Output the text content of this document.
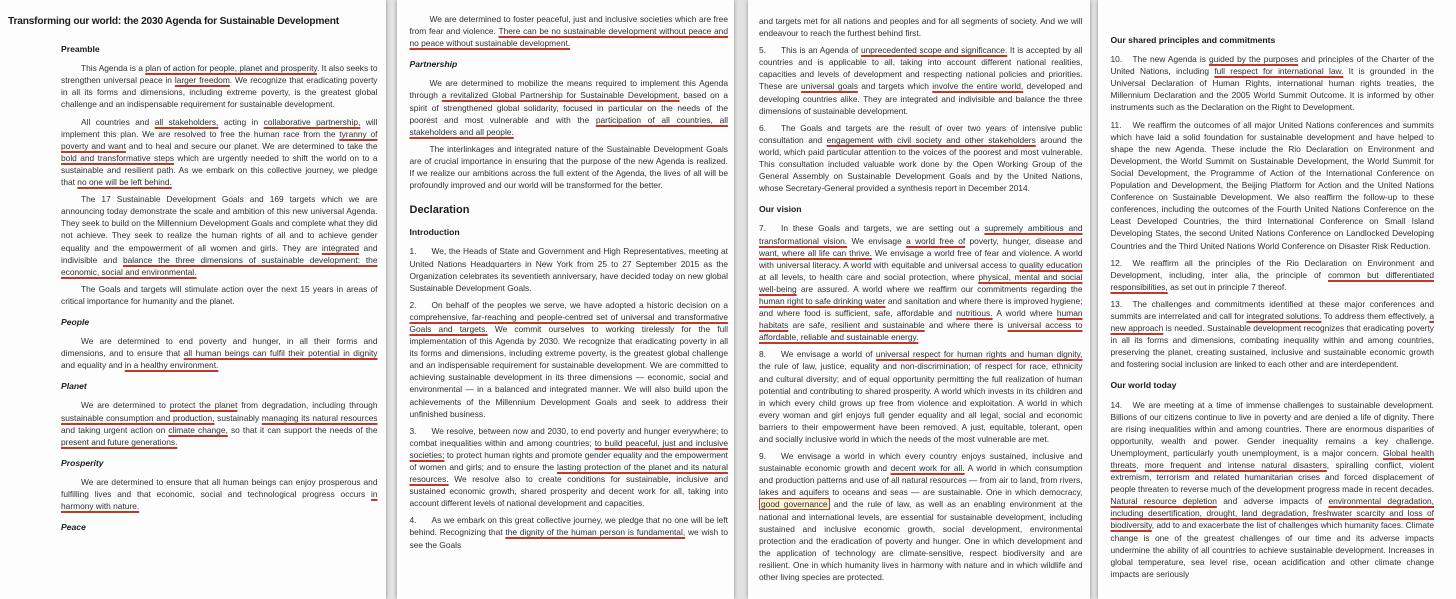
Transforming our world: the 2030 Agenda for Sustainable Development
Preamble
This Agenda is a plan of action for people, planet and prosperity. It also seeks to strengthen universal peace in larger freedom. We recognize that eradicating poverty in all its forms and dimensions, including extreme poverty, is the greatest global challenge and an indispensable requirement for sustainable development.
All countries and all stakeholders, acting in collaborative partnership, will implement this plan. We are resolved to free the human race from the tyranny of poverty and want and to heal and secure our planet. We are determined to take the bold and transformative steps which are urgently needed to shift the world on to a sustainable and resilient path. As we embark on this collective journey, we pledge that no one will be left behind.
The 17 Sustainable Development Goals and 169 targets which we are announcing today demonstrate the scale and ambition of this new universal Agenda. They seek to build on the Millennium Development Goals and complete what they did not achieve. They seek to realize the human rights of all and to achieve gender equality and the empowerment of all women and girls. They are integrated and indivisible and balance the three dimensions of sustainable development: the economic, social and environmental.
The Goals and targets will stimulate action over the next 15 years in areas of critical importance for humanity and the planet.
People
We are determined to end poverty and hunger, in all their forms and dimensions, and to ensure that all human beings can fulfil their potential in dignity and equality and in a healthy environment.
Planet
We are determined to protect the planet from degradation, including through sustainable consumption and production, sustainably managing its natural resources and taking urgent action on climate change, so that it can support the needs of the present and future generations.
Prosperity
We are determined to ensure that all human beings can enjoy prosperous and fulfilling lives and that economic, social and technological progress occurs in harmony with nature.
Peace
We are determined to foster peaceful, just and inclusive societies which are free from fear and violence. There can be no sustainable development without peace and no peace without sustainable development.
Partnership
We are determined to mobilize the means required to implement this Agenda through a revitalized Global Partnership for Sustainable Development, based on a spirit of strengthened global solidarity, focused in particular on the needs of the poorest and most vulnerable and with the participation of all countries, all stakeholders and all people.
The interlinkages and integrated nature of the Sustainable Development Goals are of crucial importance in ensuring that the purpose of the new Agenda is realized. If we realize our ambitions across the full extent of the Agenda, the lives of all will be profoundly improved and our world will be transformed for the better.
Declaration
Introduction
1. We, the Heads of State and Government and High Representatives, meeting at United Nations Headquarters in New York from 25 to 27 September 2015 as the Organization celebrates its seventieth anniversary, have decided today on new global Sustainable Development Goals.
2. On behalf of the peoples we serve, we have adopted a historic decision on a comprehensive, far-reaching and people-centred set of universal and transformative Goals and targets. We commit ourselves to working tirelessly for the full implementation of this Agenda by 2030. We recognize that eradicating poverty in all its forms and dimensions, including extreme poverty, is the greatest global challenge and an indispensable requirement for sustainable development. We are committed to achieving sustainable development in its three dimensions — economic, social and environmental — in a balanced and integrated manner. We will also build upon the achievements of the Millennium Development Goals and seek to address their unfinished business.
3. We resolve, between now and 2030, to end poverty and hunger everywhere; to combat inequalities within and among countries; to build peaceful, just and inclusive societies; to protect human rights and promote gender equality and the empowerment of women and girls; and to ensure the lasting protection of the planet and its natural resources. We resolve also to create conditions for sustainable, inclusive and sustained economic growth, shared prosperity and decent work for all, taking into account different levels of national development and capacities.
4. As we embark on this great collective journey, we pledge that no one will be left behind. Recognizing that the dignity of the human person is fundamental, we wish to see the Goals
and targets met for all nations and peoples and for all segments of society. And we will endeavour to reach the furthest behind first.
5. This is an Agenda of unprecedented scope and significance. It is accepted by all countries and is applicable to all, taking into account different national realities, capacities and levels of development and respecting national policies and priorities. These are universal goals and targets which involve the entire world, developed and developing countries alike. They are integrated and indivisible and balance the three dimensions of sustainable development.
6. The Goals and targets are the result of over two years of intensive public consultation and engagement with civil society and other stakeholders around the world, which paid particular attention to the voices of the poorest and most vulnerable. This consultation included valuable work done by the Open Working Group of the General Assembly on Sustainable Development Goals and by the United Nations, whose Secretary-General provided a synthesis report in December 2014.
Our vision
7. In these Goals and targets, we are setting out a supremely ambitious and transformational vision. We envisage a world free of poverty, hunger, disease and want, where all life can thrive. We envisage a world free of fear and violence. A world with universal literacy. A world with equitable and universal access to quality education at all levels, to health care and social protection, where physical, mental and social well-being are assured. A world where we reaffirm our commitments regarding the human right to safe drinking water and sanitation and where there is improved hygiene; and where food is sufficient, safe, affordable and nutritious. A world where human habitats are safe, resilient and sustainable and where there is universal access to affordable, reliable and sustainable energy.
8. We envisage a world of universal respect for human rights and human dignity, the rule of law, justice, equality and non-discrimination; of respect for race, ethnicity and cultural diversity; and of equal opportunity permitting the full realization of human potential and contributing to shared prosperity. A world which invests in its children and in which every child grows up free from violence and exploitation. A world in which every woman and girl enjoys full gender equality and all legal, social and economic barriers to their empowerment have been removed. A just, equitable, tolerant, open and socially inclusive world in which the needs of the most vulnerable are met.
9. We envisage a world in which every country enjoys sustained, inclusive and sustainable economic growth and decent work for all. A world in which consumption and production patterns and use of all natural resources — from air to land, from rivers, lakes and aquifers to oceans and seas — are sustainable. One in which democracy, good governance and the rule of law, as well as an enabling environment at the national and international levels, are essential for sustainable development, including sustained and inclusive economic growth, social development, environmental protection and the eradication of poverty and hunger. One in which development and the application of technology are climate-sensitive, respect biodiversity and are resilient. One in which humanity lives in harmony with nature and in which wildlife and other living species are protected.
Our shared principles and commitments
10. The new Agenda is guided by the purposes and principles of the Charter of the United Nations, including full respect for international law. It is grounded in the Universal Declaration of Human Rights, international human rights treaties, the Millennium Declaration and the 2005 World Summit Outcome. It is informed by other instruments such as the Declaration on the Right to Development.
11. We reaffirm the outcomes of all major United Nations conferences and summits which have laid a solid foundation for sustainable development and have helped to shape the new Agenda. These include the Rio Declaration on Environment and Development, the World Summit on Sustainable Development, the World Summit for Social Development, the Programme of Action of the International Conference on Population and Development, the Beijing Platform for Action and the United Nations Conference on Sustainable Development. We also reaffirm the follow-up to these conferences, including the outcomes of the Fourth United Nations Conference on the Least Developed Countries, the third International Conference on Small Island Developing States, the second United Nations Conference on Landlocked Developing Countries and the Third United Nations World Conference on Disaster Risk Reduction.
12. We reaffirm all the principles of the Rio Declaration on Environment and Development, including, inter alia, the principle of common but differentiated responsibilities, as set out in principle 7 thereof.
13. The challenges and commitments identified at these major conferences and summits are interrelated and call for integrated solutions. To address them effectively, a new approach is needed. Sustainable development recognizes that eradicating poverty in all its forms and dimensions, combating inequality within and among countries, preserving the planet, creating sustained, inclusive and sustainable economic growth and fostering social inclusion are linked to each other and are interdependent.
Our world today
14. We are meeting at a time of immense challenges to sustainable development. Billions of our citizens continue to live in poverty and are denied a life of dignity. There are rising inequalities within and among countries. There are enormous disparities of opportunity, wealth and power. Gender inequality remains a key challenge. Unemployment, particularly youth unemployment, is a major concern. Global health threats, more frequent and intense natural disasters, spiralling conflict, violent extremism, terrorism and related humanitarian crises and forced displacement of people threaten to reverse much of the development progress made in recent decades. Natural resource depletion and adverse impacts of environmental degradation, including desertification, drought, land degradation, freshwater scarcity and loss of biodiversity, add to and exacerbate the list of challenges which humanity faces. Climate change is one of the greatest challenges of our time and its adverse impacts undermine the ability of all countries to achieve sustainable development. Increases in global temperature, sea level rise, ocean acidification and other climate change impacts are seriously
